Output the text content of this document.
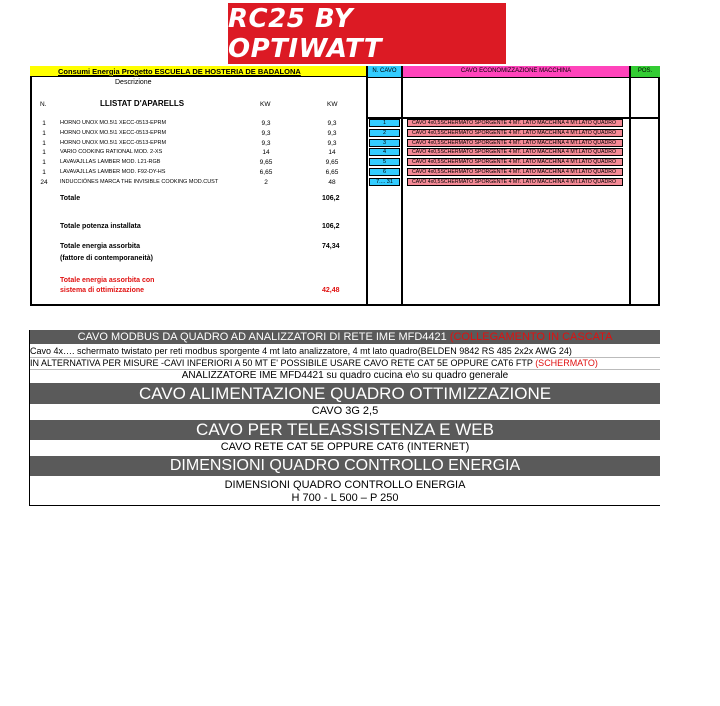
RC25 BY OPTIWATT
Consumi Energia Progetto ESCUELA DE HOSTERIA DE BADALONA	N. CAVO	CAVO ECONOMIZZAZIONE MACCHINA	POS.
Descrizione
N.	LLISTAT D'APARELLS	KW	KW
1	HORNO UNOX MO.5\1 XECC-0513-EPRM	9,3	9,3	1	CAVO 4x0,5SCHERMATO SPORGENTE 4 MT. LATO MACCHINA 4 MT.LATO QUADRO
1	HORNO UNOX MO.5\1 XECC-0513-EPRM	9,3	9,3	2	CAVO 4x0,5SCHERMATO SPORGENTE 4 MT. LATO MACCHINA 4 MT.LATO QUADRO
1	HORNO UNOX MO.5\1 XECC-0513-EPRM	9,3	9,3	3	CAVO 4x0,5SCHERMATO SPORGENTE 4 MT. LATO MACCHINA 4 MT.LATO QUADRO
1	VARIO COOKING RATIONAL MOD. 2-XS	14	14	4	CAVO 4x0,5SCHERMATO SPORGENTE 4 MT. LATO MACCHINA 4 MT.LATO QUADRO
1	LAVAVAJLLAS LAMBER MOD. L21-RGB	9,65	9,65	5	CAVO 4x0,5SCHERMATO SPORGENTE 4 MT. LATO MACCHINA 4 MT.LATO QUADRO
1	LAVAVAJLLAS LAMBER MOD. F92-DY-HS	6,65	6,65	6	CAVO 4x0,5SCHERMATO SPORGENTE 4 MT. LATO MACCHINA 4 MT.LATO QUADRO
24	INDUCCIÓNES MARCA THE INVISIBLE COOKING MOD.CUST	2	48	7.... 31	CAVO 4x0,5SCHERMATO SPORGENTE 4 MT. LATO MACCHINA 4 MT.LATO QUADRO
Totale	106,2
Totale potenza installata	106,2
Totale energia assorbita
(fattore di contemporaneità)
74,34
Totale energia assorbita con
sistema di ottimizzazione	42,48
CAVO MODBUS DA QUADRO AD ANALIZZATORI DI RETE IME MFD4421 (COLLEGAMENTO IN CASCATA
Cavo 4x…. schermato twistato per reti modbus sporgente 4 mt lato analizzatore, 4 mt lato quadro(BELDEN 9842 RS 485 2x2x AWG 24)
IN ALTERNATIVA PER MISURE -CAVI INFERIORI A 50 MT E' POSSIBILE USARE CAVO RETE CAT 5E OPPURE CAT6 FTP (SCHERMATO)
ANALIZZATORE IME MFD4421 su quadro cucina e\o su quadro generale
CAVO ALIMENTAZIONE QUADRO OTTIMIZZAZIONE
CAVO 3G 2,5
CAVO PER TELEASSISTENZA E WEB
CAVO RETE CAT 5E OPPURE CAT6 (INTERNET)
DIMENSIONI QUADRO CONTROLLO ENERGIA
DIMENSIONI QUADRO CONTROLLO ENERGIA
H 700 - L 500 – P 250
